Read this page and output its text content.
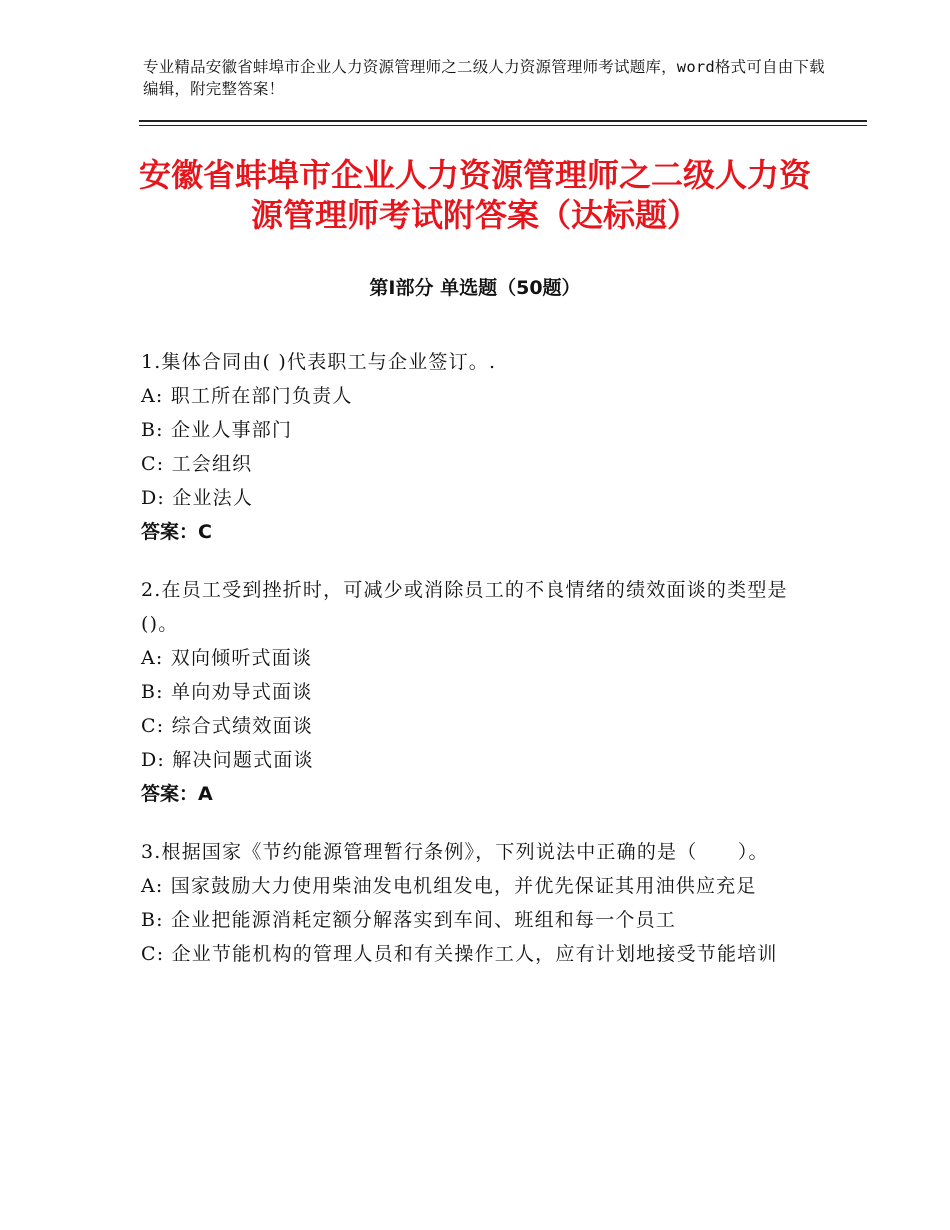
专业精品安徽省蚌埠市企业人力资源管理师之二级人力资源管理师考试题库，word格式可自由下载编辑，附完整答案！
安徽省蚌埠市企业人力资源管理师之二级人力资源管理师考试附答案（达标题）
第Ⅰ部分 单选题（50题）
1.集体合同由( )代表职工与企业签订。.
A: 职工所在部门负责人
B: 企业人事部门
C: 工会组织
D: 企业法人
答案：C
2.在员工受到挫折时，可减少或消除员工的不良情绪的绩效面谈的类型是()。
A: 双向倾听式面谈
B: 单向劝导式面谈
C: 综合式绩效面谈
D: 解决问题式面谈
答案：A
3.根据国家《节约能源管理暂行条例》，下列说法中正确的是（　　）。
A: 国家鼓励大力使用柴油发电机组发电，并优先保证其用油供应充足
B: 企业把能源消耗定额分解落实到车间、班组和每一个员工
C: 企业节能机构的管理人员和有关操作工人，应有计划地接受节能培训
